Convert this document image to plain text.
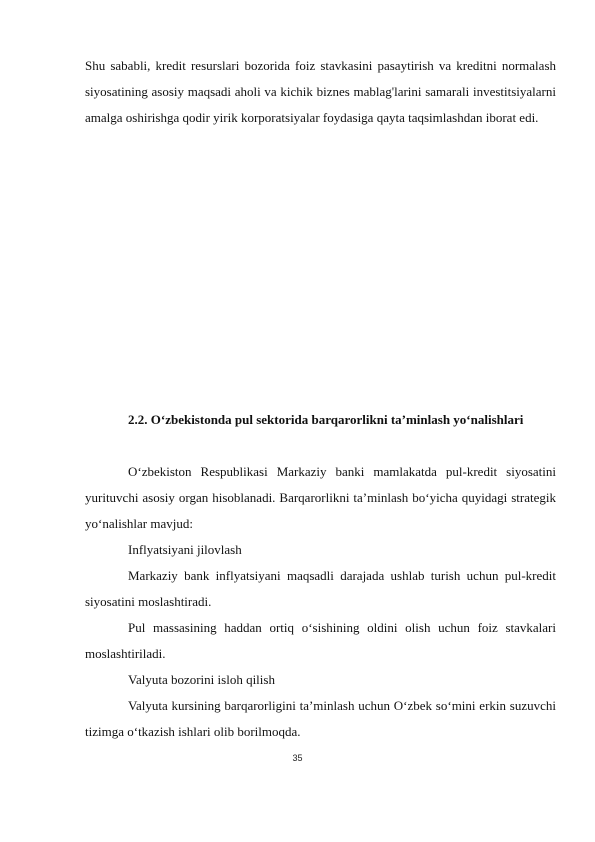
Shu sababli, kredit resurslari bozorida foiz stavkasini pasaytirish va kreditni normalash siyosatining asosiy maqsadi aholi va kichik biznes mablag'larini samarali investitsiyalarni amalga oshirishga qodir yirik korporatsiyalar foydasiga qayta taqsimlashdan iborat edi.

2.2. O‘zbekistonda pul sektorida barqarorlikni ta’minlash yo‘nalishlari

O‘zbekiston Respublikasi Markaziy banki mamlakatda pul-kredit siyosatini yurituvchi asosiy organ hisoblanadi. Barqarorlikni ta’minlash bo‘yicha quyidagi strategik yo‘nalishlar mavjud:

Inflyatsiyani jilovlash

Markaziy bank inflyatsiyani maqsadli darajada ushlab turish uchun pul-kredit siyosatini moslashtiradi.

Pul massasining haddan ortiq o‘sishining oldini olish uchun foiz stavkalari moslashtiriladi.

Valyuta bozorini isloh qilish

Valyuta kursining barqarorligini ta’minlash uchun O‘zbek so‘mini erkin suzuvchi tizimga o‘tkazish ishlari olib borilmoqda.

35
